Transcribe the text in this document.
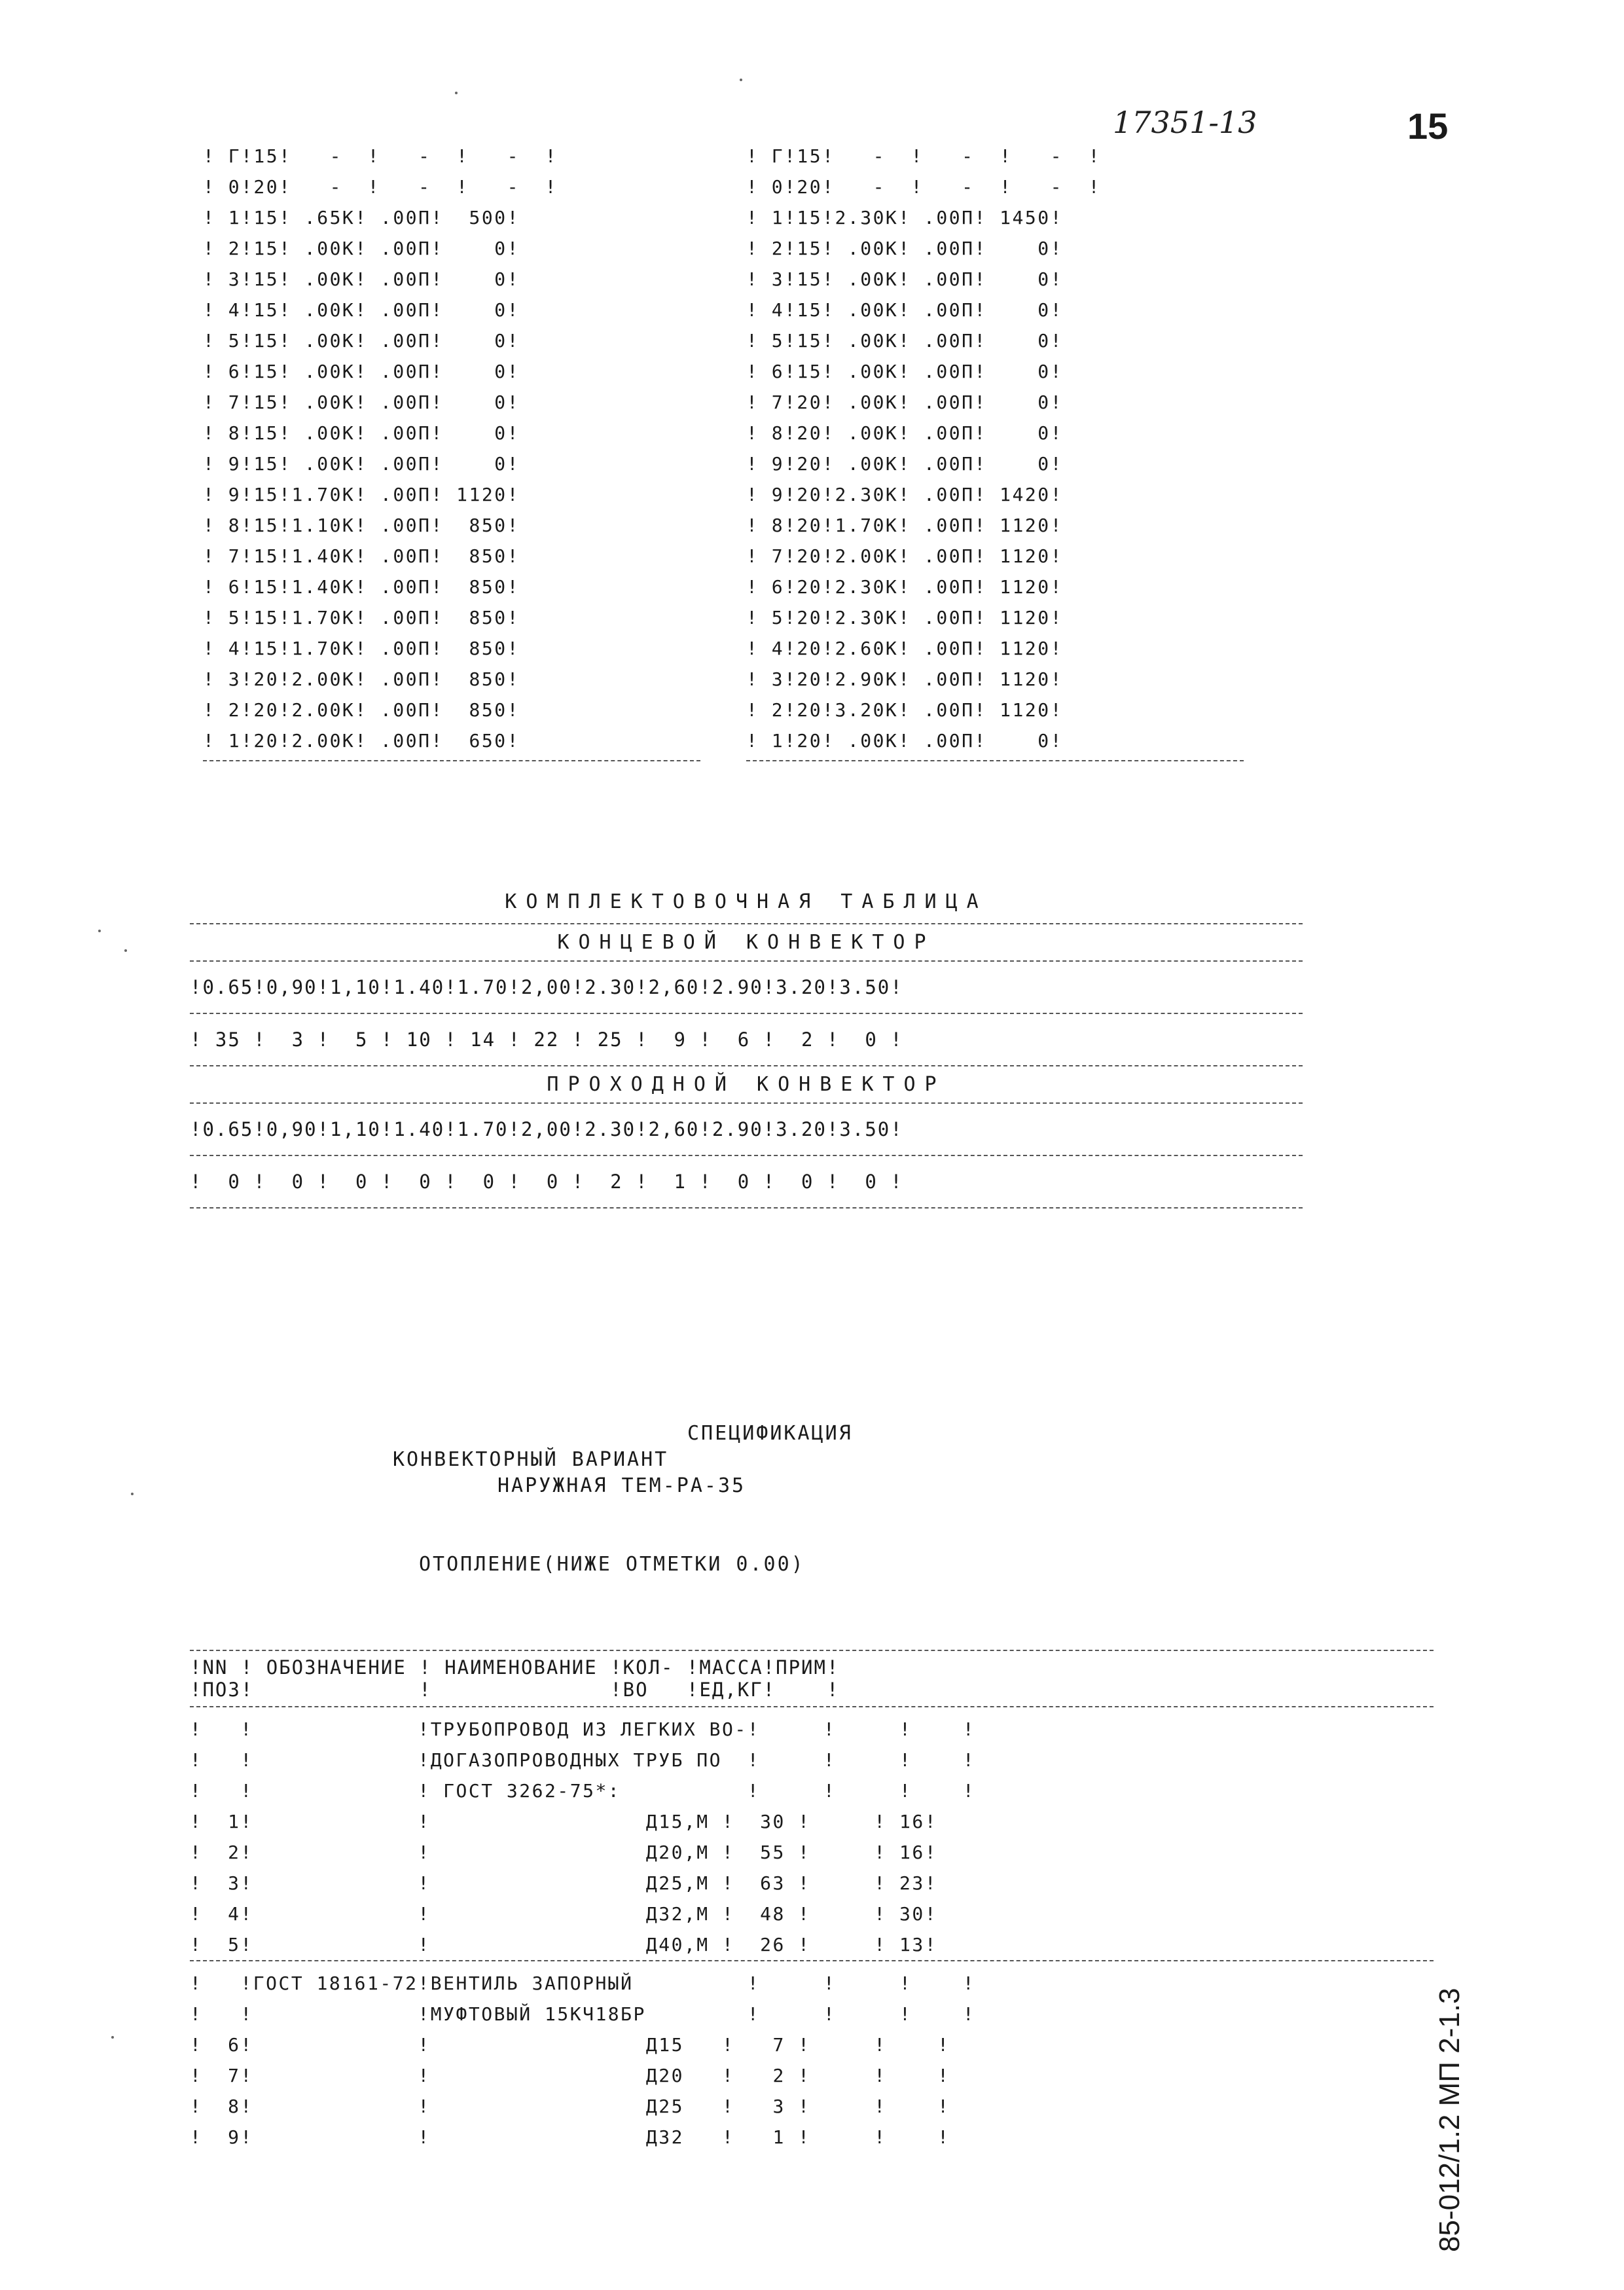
17351-13	15
! Г!15!   -  !   -  !   -  !
! 0!20!   -  !   -  !   -  !
! 1!15! .65К! .00П!  500!
! 2!15! .00К! .00П!    0!
! 3!15! .00К! .00П!    0!
! 4!15! .00К! .00П!    0!
! 5!15! .00К! .00П!    0!
! 6!15! .00К! .00П!    0!
! 7!15! .00К! .00П!    0!
! 8!15! .00К! .00П!    0!
! 9!15! .00К! .00П!    0!
! 9!15!1.70К! .00П! 1120!
! 8!15!1.10К! .00П!  850!
! 7!15!1.40К! .00П!  850!
! 6!15!1.40К! .00П!  850!
! 5!15!1.70К! .00П!  850!
! 4!15!1.70К! .00П!  850!
! 3!20!2.00К! .00П!  850!
! 2!20!2.00К! .00П!  850!
! 1!20!2.00К! .00П!  650!
! Г!15!   -  !   -  !   -  !
! 0!20!   -  !   -  !   -  !
! 1!15!2.30К! .00П! 1450!
! 2!15! .00К! .00П!    0!
! 3!15! .00К! .00П!    0!
! 4!15! .00К! .00П!    0!
! 5!15! .00К! .00П!    0!
! 6!15! .00К! .00П!    0!
! 7!20! .00К! .00П!    0!
! 8!20! .00К! .00П!    0!
! 9!20! .00К! .00П!    0!
! 9!20!2.30К! .00П! 1420!
! 8!20!1.70К! .00П! 1120!
! 7!20!2.00К! .00П! 1120!
! 6!20!2.30К! .00П! 1120!
! 5!20!2.30К! .00П! 1120!
! 4!20!2.60К! .00П! 1120!
! 3!20!2.90К! .00П! 1120!
! 2!20!3.20К! .00П! 1120!
! 1!20! .00К! .00П!    0!
КОМПЛЕКТОВОЧНАЯ ТАБЛИЦА
КОНЦЕВОЙ КОНВЕКТОР
!0.65!0,90!1,10!1.40!1.70!2,00!2.30!2,60!2.90!3.20!3.50!
! 35 !  3 !  5 ! 10 ! 14 ! 22 ! 25 !  9 !  6 !  2 !  0 !
ПРОХОДНОЙ КОНВЕКТОР
!0.65!0,90!1,10!1.40!1.70!2,00!2.30!2,60!2.90!3.20!3.50!
!  0 !  0 !  0 !  0 !  0 !  0 !  2 !  1 !  0 !  0 !  0 !
СПЕЦИФИКАЦИЯ
КОНВЕКТОРНЫЙ ВАРИАНТ
НАРУЖНАЯ ТЕМ-РА-35
ОТОПЛЕНИЕ(НИЖЕ ОТМЕТКИ 0.00)
!NN ! ОБОЗНАЧЕНИЕ ! НАИМЕНОВАНИЕ !КОЛ- !МАССА!ПРИМ!
!ПОЗ!             !              !ВО   !ЕД,КГ!    !
!   !             !ТРУБОПРОВОД ИЗ ЛЕГКИХ ВО-!     !     !    !
!   !             !ДОГАЗОПРОВОДНЫХ ТРУБ ПО  !     !     !    !
!   !             ! ГОСТ 3262-75*:          !     !     !    !
!  1!             !                 Д15,М !  30 !     ! 16!
!  2!             !                 Д20,М !  55 !     ! 16!
!  3!             !                 Д25,М !  63 !     ! 23!
!  4!             !                 Д32,М !  48 !     ! 30!
!  5!             !                 Д40,М !  26 !     ! 13!
!   !ГОСТ 18161-72!ВЕНТИЛЬ ЗАПОРНЫЙ         !     !     !    !
!   !             !МУФТОВЫЙ 15КЧ18БР        !     !     !    !
!  6!             !                 Д15   !   7 !     !    !
!  7!             !                 Д20   !   2 !     !    !
!  8!             !                 Д25   !   3 !     !    !
!  9!             !                 Д32   !   1 !     !    !	85-012/1.2 МП 2-1.3
